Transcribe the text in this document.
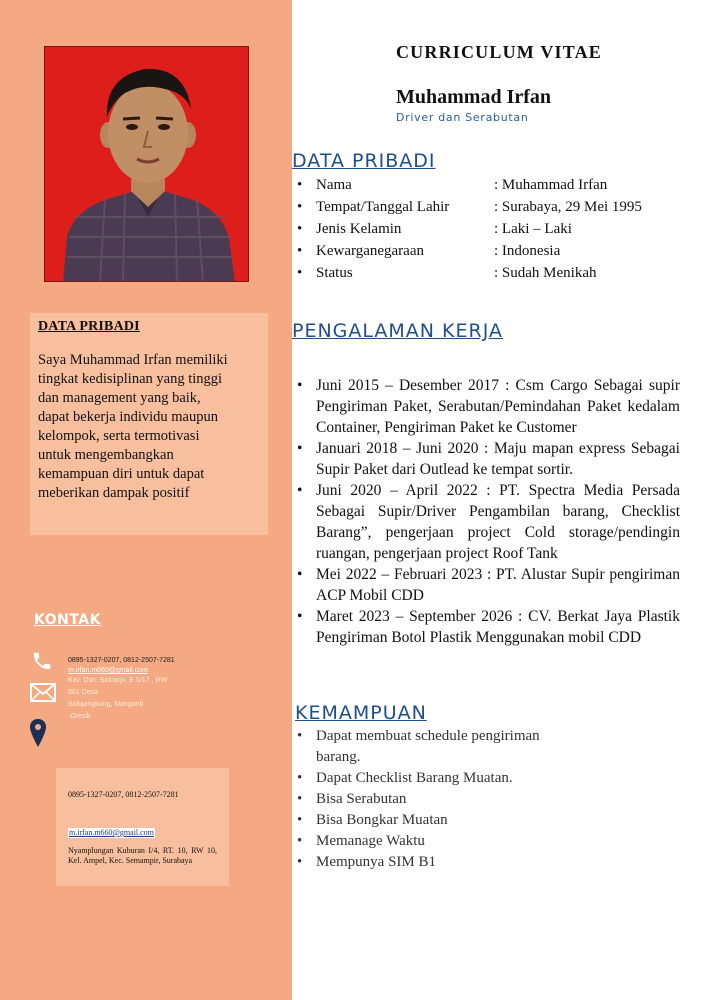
DATA PRIBADI
Saya Muhammad Irfan memiliki
tingkat kedisiplinan yang tinggi
dan management yang baik,
dapat bekerja individu maupun
kelompok, serta termotivasi
untuk mengembangkan
kemampuan diri untuk dapat
meberikan dampak positif
KONTAK
0895-1327-0207, 0812-2507-7281
m.irfan.m660@gmail.com
Kav. Dsn. Sidoarjo, E 5/17 , RW
001 Desa
Sidojangkung, Manganti
-Gresik
0895-1327-0207, 0812-2507-7281
m.irfan.m660@gmail.com
Nyamplungan Kuburan I/4, RT. 10, RW 10, Kel. Ampel, Kec. Semampir, Surabaya
CURRICULUM VITAE
Muhammad Irfan
Driver dan Serabutan
DATA PRIBADI
• Nama	: Muhammad Irfan
• Tempat/Tanggal Lahir	: Surabaya, 29 Mei 1995
• Jenis Kelamin	: Laki – Laki
• Kewarganegaraan	: Indonesia
• Status	: Sudah Menikah
PENGALAMAN KERJA
• Juni 2015 – Desember 2017 : Csm Cargo Sebagai supir Pengiriman Paket, Serabutan/Pemindahan Paket kedalam Container, Pengiriman Paket ke Customer
• Januari 2018 – Juni 2020 : Maju mapan express Sebagai Supir Paket dari Outlead ke tempat sortir.
• Juni 2020 – April 2022 : PT. Spectra Media Persada Sebagai Supir/Driver Pengambilan barang, Checklist Barang”, pengerjaan project Cold storage/pendingin ruangan, pengerjaan project Roof Tank
• Mei 2022 – Februari 2023 : PT. Alustar Supir pengiriman ACP Mobil CDD
• Maret 2023 – September 2026 : CV. Berkat Jaya Plastik Pengiriman Botol Plastik Menggunakan mobil CDD
KEMAMPUAN
• Dapat membuat schedule pengiriman barang.
• Dapat Checklist Barang Muatan.
• Bisa Serabutan
• Bisa Bongkar Muatan
• Memanage Waktu
• Mempunya SIM B1
